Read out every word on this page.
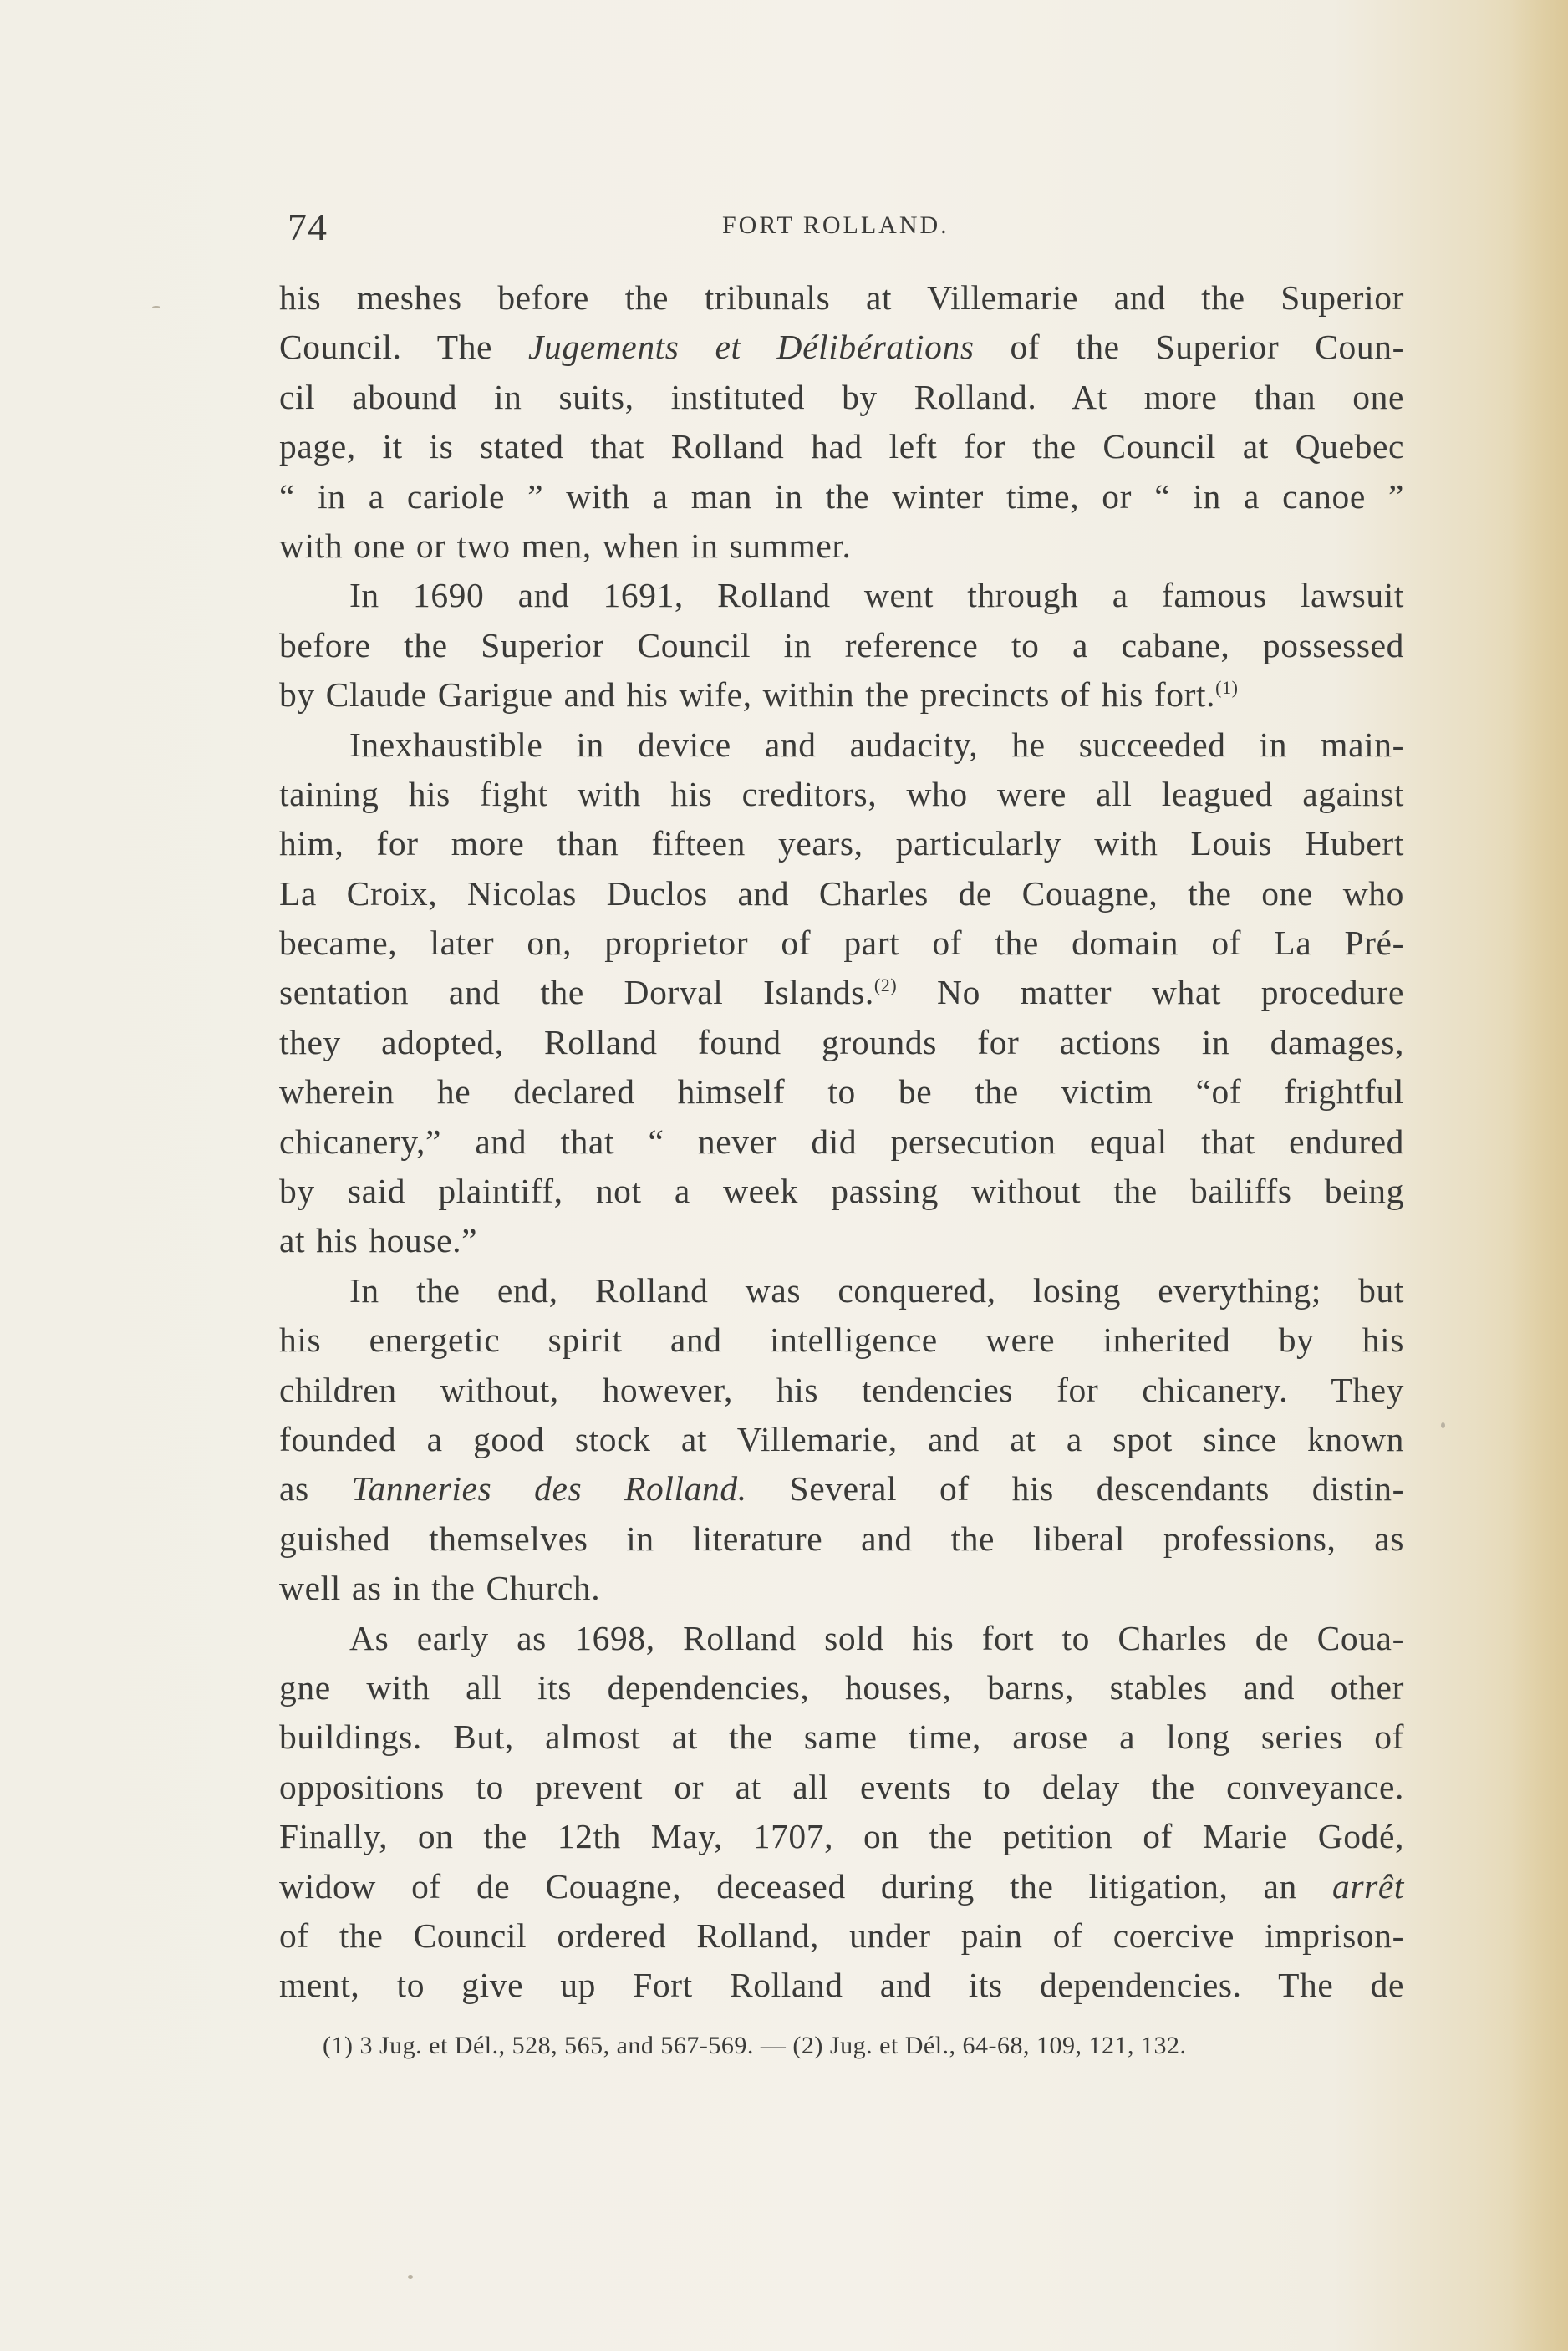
74	FORT ROLLAND.
his meshes before the tribunals at Villemarie and the Superior
Council. The Jugements et Délibérations of the Superior Coun-
cil abound in suits, instituted by Rolland. At more than one
page, it is stated that Rolland had left for the Council at Quebec
“ in a cariole ” with a man in the winter time, or “ in a canoe ”
with one or two men, when in summer.
In 1690 and 1691, Rolland went through a famous lawsuit
before the Superior Council in reference to a cabane, possessed
by Claude Garigue and his wife, within the precincts of his fort.$^{(1)}$
Inexhaustible in device and audacity, he succeeded in main-
taining his fight with his creditors, who were all leagued against
him, for more than fifteen years, particularly with Louis Hubert
La Croix, Nicolas Duclos and Charles de Couagne, the one who
became, later on, proprietor of part of the domain of La Pré-
sentation and the Dorval Islands.$^{(2)}$ No matter what procedure
they adopted, Rolland found grounds for actions in damages,
wherein he declared himself to be the victim “of frightful
chicanery,” and that “ never did persecution equal that endured
by said plaintiff, not a week passing without the bailiffs being
at his house.”
In the end, Rolland was conquered, losing everything; but
his energetic spirit and intelligence were inherited by his
children without, however, his tendencies for chicanery. They
founded a good stock at Villemarie, and at a spot since known
as Tanneries des Rolland. Several of his descendants distin-
guished themselves in literature and the liberal professions, as
well as in the Church.
As early as 1698, Rolland sold his fort to Charles de Coua-
gne with all its dependencies, houses, barns, stables and other
buildings. But, almost at the same time, arose a long series of
oppositions to prevent or at all events to delay the conveyance.
Finally, on the 12th May, 1707, on the petition of Marie Godé,
widow of de Couagne, deceased during the litigation, an arrêt
of the Council ordered Rolland, under pain of coercive imprison-
ment, to give up Fort Rolland and its dependencies. The de
(1) 3 Jug. et Dél., 528, 565, and 567-569. — (2) Jug. et Dél., 64-68, 109, 121, 132.
